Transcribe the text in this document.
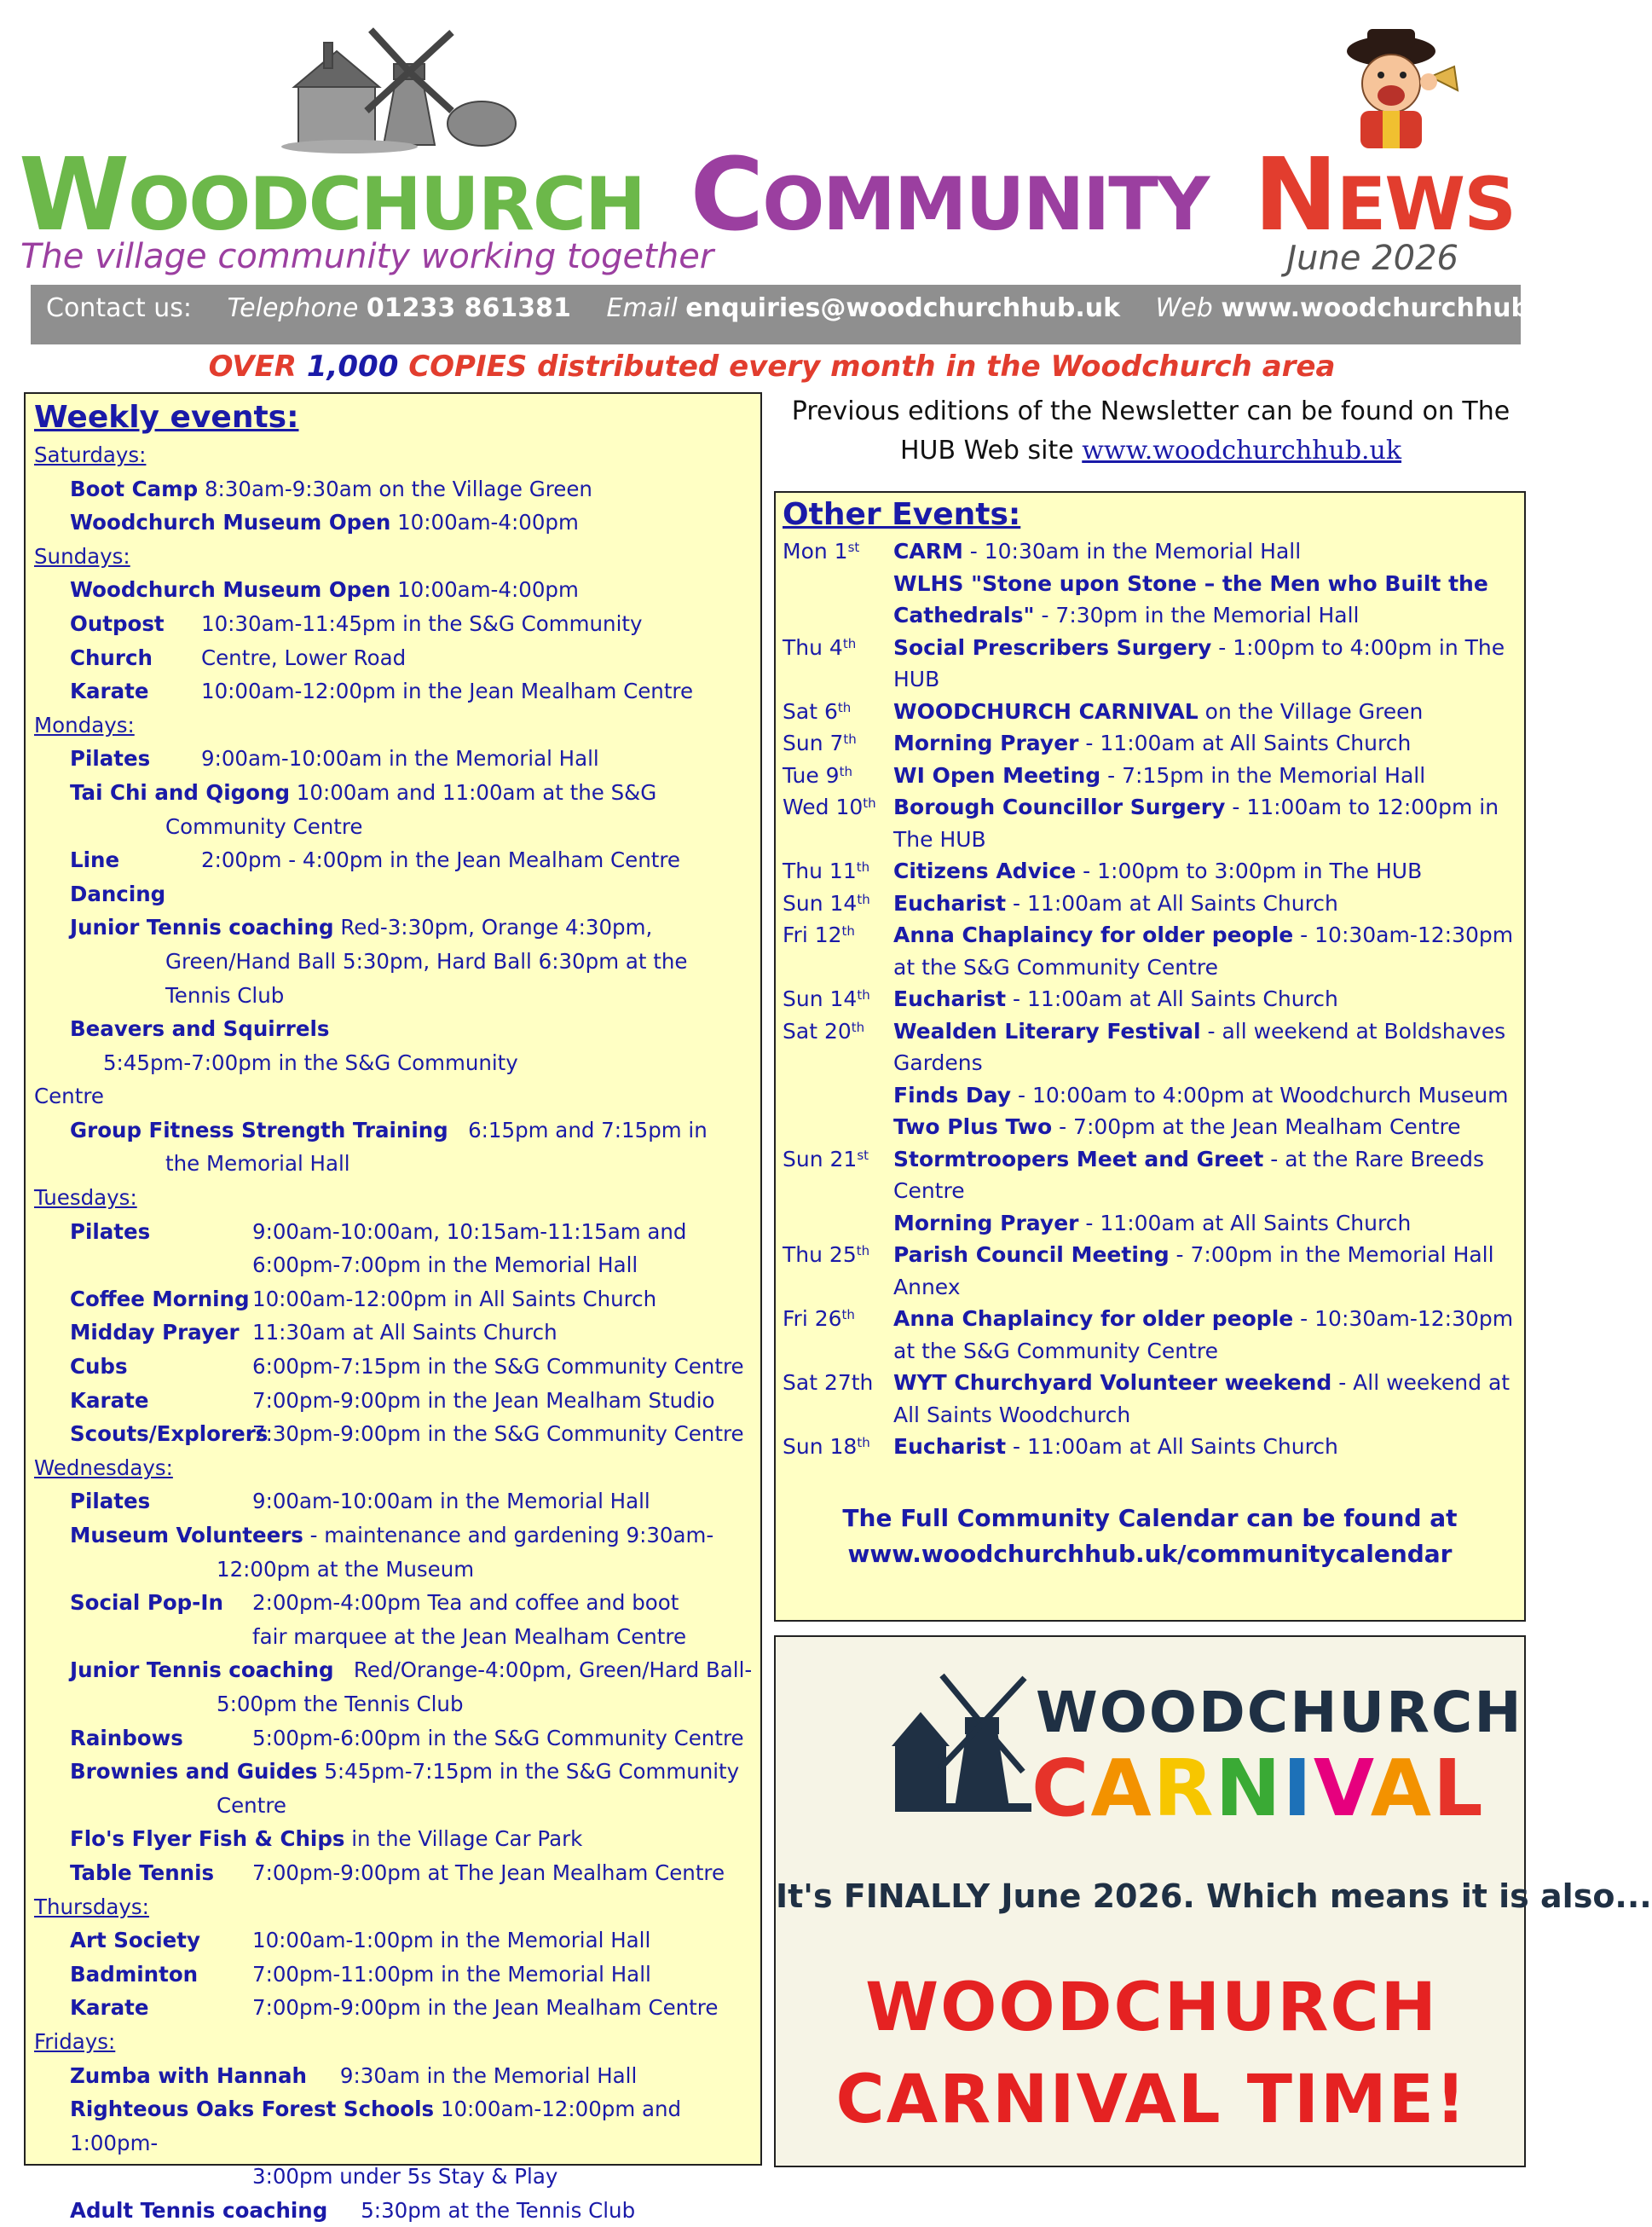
WOODCHURCH COMMUNITY NEWS
The village community working together	June 2026
Contact us: Telephone 01233 861381 Email enquiries@woodchurchhub.uk Web www.woodchurchhub.uk
OVER 1,000 COPIES distributed every month in the Woodchurch area
Weekly events:
Saturdays:
Boot Camp 8:30am-9:30am on the Village Green
Woodchurch Museum Open 10:00am-4:00pm
Sundays:
Woodchurch Museum Open 10:00am-4:00pm
Outpost Church
10:30am-11:45pm in the S&G Community
Centre, Lower Road
Karate	10:00am-12:00pm in the Jean Mealham Centre
Mondays:
Pilates	9:00am-10:00am in the Memorial Hall
Tai Chi and Qigong 10:00am and 11:00am at the S&G
Community Centre
Line Dancing
2:00pm - 4:00pm in the Jean Mealham Centre
Junior Tennis coaching Red-3:30pm, Orange 4:30pm,
Green/Hand Ball 5:30pm, Hard Ball 6:30pm at the
Tennis Club
Beavers and Squirrels     5:45pm-7:00pm in the S&G Community
Centre
Group Fitness Strength Training   6:15pm and 7:15pm in
the Memorial Hall
Tuesdays:
Pilates	9:00am-10:00am, 10:15am-11:15am and
6:00pm-7:00pm in the Memorial Hall
Coffee Morning 10:00am-12:00pm in All Saints Church
Midday Prayer 11:30am at All Saints Church
Cubs	6:00pm-7:15pm in the S&G Community Centre
Karate	7:00pm-9:00pm in the Jean Mealham Studio
Scouts/Explorers
7:30pm-9:00pm in the S&G Community Centre
Wednesdays:
Pilates	9:00am-10:00am in the Memorial Hall
Museum Volunteers - maintenance and gardening 9:30am-
12:00pm at the Museum
Social Pop-In	2:00pm-4:00pm Tea and coffee and boot
fair marquee at the Jean Mealham Centre
Junior Tennis coaching   Red/Orange-4:00pm, Green/Hard Ball-
5:00pm the Tennis Club
Rainbows	5:00pm-6:00pm in the S&G Community Centre
Brownies and Guides 5:45pm-7:15pm in the S&G Community
Centre
Flo's Flyer Fish & Chips in the Village Car Park
Table Tennis	7:00pm-9:00pm at The Jean Mealham Centre
Thursdays:
Art Society	10:00am-1:00pm in the Memorial Hall
Badminton	7:00pm-11:00pm in the Memorial Hall
Karate	7:00pm-9:00pm in the Jean Mealham Centre
Fridays:
Zumba with Hannah     9:30am in the Memorial Hall
Righteous Oaks Forest Schools 10:00am-12:00pm and 1:00pm-
3:00pm under 5s Stay & Play
Adult Tennis coaching     5:30pm at the Tennis Club
Previous editions of the Newsletter can be found on The HUB Web site www.woodchurchhub.uk
Other Events:
Mon 1st	CARM - 10:30am in the Memorial Hall
WLHS "Stone upon Stone – the Men who Built the Cathedrals" - 7:30pm in the Memorial Hall
Thu 4th	Social Prescribers Surgery - 1:00pm to 4:00pm in The HUB
Sat 6th	WOODCHURCH CARNIVAL on the Village Green
Sun 7th	Morning Prayer - 11:00am at All Saints Church
Tue 9th	WI Open Meeting - 7:15pm in the Memorial Hall
Wed 10th Borough Councillor Surgery - 11:00am to 12:00pm in The HUB
Thu 11th	Citizens Advice - 1:00pm to 3:00pm in The HUB
Sun 14th	Eucharist - 11:00am at All Saints Church
Fri 12th	Anna Chaplaincy for older people - 10:30am-12:30pm at the S&G Community Centre
Sun 14th	Eucharist - 11:00am at All Saints Church
Sat 20th	Wealden Literary Festival - all weekend at Boldshaves Gardens
Finds Day - 10:00am to 4:00pm at Woodchurch Museum
Two Plus Two - 7:00pm at the Jean Mealham Centre
Sun 21st	Stormtroopers Meet and Greet - at the Rare Breeds Centre
Morning Prayer - 11:00am at All Saints Church
Thu 25th	Parish Council Meeting - 7:00pm in the Memorial Hall Annex
Fri 26th	Anna Chaplaincy for older people - 10:30am-12:30pm at the S&G Community Centre
Sat 27th WYT Churchyard Volunteer weekend - All weekend at All Saints Woodchurch
Sun 18th	Eucharist - 11:00am at All Saints Church
The Full Community Calendar can be found at
www.woodchurchhub.uk/communitycalendar
WOODCHURCH
CARNIVAL
It's FINALLY June 2026. Which means it is also...
WOODCHURCH
CARNIVAL TIME!
